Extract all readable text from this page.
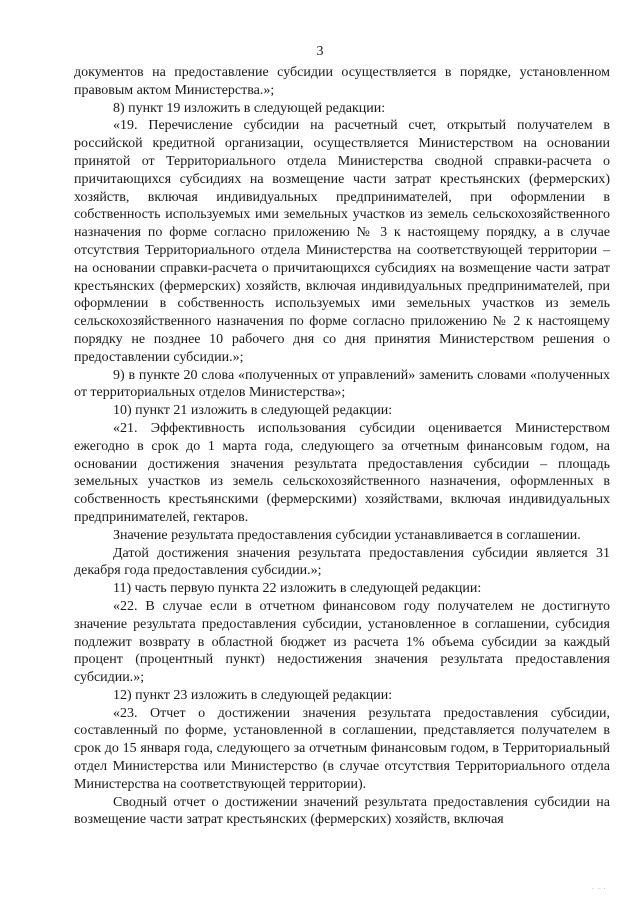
3

документов на предоставление субсидии осуществляется в порядке, установленном правовым актом Министерства.»;

8) пункт 19 изложить в следующей редакции:

«19. Перечисление субсидии на расчетный счет, открытый получателем в российской кредитной организации, осуществляется Министерством на основании принятой от Территориального отдела Министерства сводной справки-расчета о причитающихся субсидиях на возмещение части затрат крестьянских (фермерских) хозяйств, включая индивидуальных предпринимателей, при оформлении в собственность используемых ими земельных участков из земель сельскохозяйственного назначения по форме согласно приложению № 3 к настоящему порядку, а в случае отсутствия Территориального отдела Министерства на соответствующей территории – на основании справки-расчета о причитающихся субсидиях на возмещение части затрат крестьянских (фермерских) хозяйств, включая индивидуальных предпринимателей, при оформлении в собственность используемых ими земельных участков из земель сельскохозяйственного назначения по форме согласно приложению № 2 к настоящему порядку не позднее 10 рабочего дня со дня принятия Министерством решения о предоставлении субсидии.»;

9) в пункте 20 слова «полученных от управлений» заменить словами «полученных от территориальных отделов Министерства»;

10) пункт 21 изложить в следующей редакции:

«21. Эффективность использования субсидии оценивается Министерством ежегодно в срок до 1 марта года, следующего за отчетным финансовым годом, на основании достижения значения результата предоставления субсидии – площадь земельных участков из земель сельскохозяйственного назначения, оформленных в собственность крестьянскими (фермерскими) хозяйствами, включая индивидуальных предпринимателей, гектаров.

Значение результата предоставления субсидии устанавливается в соглашении.

Датой достижения значения результата предоставления субсидии является 31 декабря года предоставления субсидии.»;

11) часть первую пункта 22 изложить в следующей редакции:

«22. В случае если в отчетном финансовом году получателем не достигнуто значение результата предоставления субсидии, установленное в соглашении, субсидия подлежит возврату в областной бюджет из расчета 1% объема субсидии за каждый процент (процентный пункт) недостижения значения результата предоставления субсидии.»;

12) пункт 23 изложить в следующей редакции:

«23. Отчет о достижении значения результата предоставления субсидии, составленный по форме, установленной в соглашении, представляется получателем в срок до 15 января года, следующего за отчетным финансовым годом, в Территориальный отдел Министерства или Министерство (в случае отсутствия Территориального отдела Министерства на соответствующей территории).

Сводный отчет о достижении значений результата предоставления субсидии на возмещение части затрат крестьянских (фермерских) хозяйств, включая

· · ·
